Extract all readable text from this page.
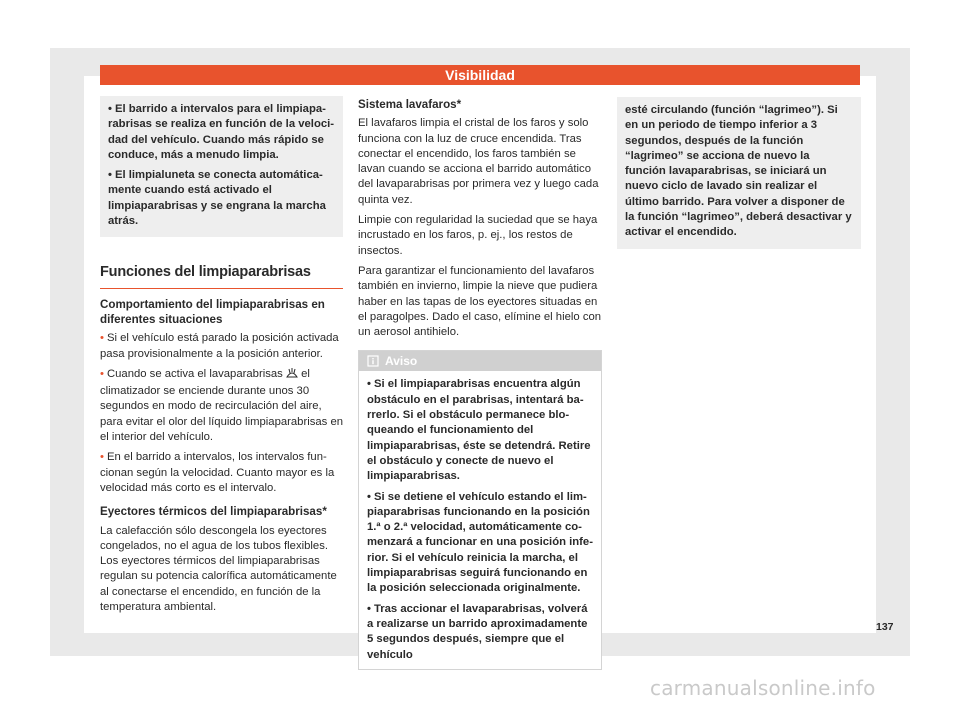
Visibilidad

• El barrido a intervalos para el limpiaparabrisas se realiza en función de la velocidad del vehículo. Cuando más rápido se conduce, más a menudo limpia.

• El limpialuneta se conecta automáticamente cuando está activado el limpiaparabrisas y se engrana la marcha atrás.

Funciones del limpiaparabrisas

Comportamiento del limpiaparabrisas en diferentes situaciones

• Si el vehículo está parado la posición activada pasa provisionalmente a la posición anterior.

• Cuando se activa el lavaparabrisas el climatizador se enciende durante unos 30 segundos en modo de recirculación del aire, para evitar el olor del líquido limpiaparabrisas en el interior del vehículo.

• En el barrido a intervalos, los intervalos funcionan según la velocidad. Cuanto mayor es la velocidad más corto es el intervalo.

Eyectores térmicos del limpiaparabrisas*

La calefacción sólo descongela los eyectores congelados, no el agua de los tubos flexibles. Los eyectores térmicos del limpiaparabrisas regulan su potencia calorífica automáticamente al conectarse el encendido, en función de la temperatura ambiental.

Sistema lavafaros*

El lavafaros limpia el cristal de los faros y solo funciona con la luz de cruce encendida. Tras conectar el encendido, los faros también se lavan cuando se acciona el barrido automático del lavaparabrisas por primera vez y luego cada quinta vez.

Limpie con regularidad la suciedad que se haya incrustado en los faros, p. ej., los restos de insectos.

Para garantizar el funcionamiento del lavafaros también en invierno, limpie la nieve que pudiera haber en las tapas de los eyectores situadas en el paragolpes. Dado el caso, elímine el hielo con un aerosol antihielo.

Aviso

• Si el limpiaparabrisas encuentra algún obstáculo en el parabrisas, intentará barrerlo. Si el obstáculo permanece bloqueando el funcionamiento del limpiaparabrisas, éste se detendrá. Retire el obstáculo y conecte de nuevo el limpiaparabrisas.

• Si se detiene el vehículo estando el limpiaparabrisas funcionando en la posición 1.ª o 2.ª velocidad, automáticamente comenzará a funcionar en una posición inferior. Si el vehículo reinicia la marcha, el limpiaparabrisas seguirá funcionando en la posición seleccionada originalmente.

• Tras accionar el lavaparabrisas, volverá a realizarse un barrido aproximadamente 5 segundos después, siempre que el vehículo

esté circulando (función “lagrimeo”). Si en un periodo de tiempo inferior a 3 segundos, después de la función “lagrimeo” se acciona de nuevo la función lavaparabrisas, se iniciará un nuevo ciclo de lavado sin realizar el último barrido. Para volver a disponer de la función “lagrimeo”, deberá desactivar y activar el encendido.

137
carmanualsonline.info
